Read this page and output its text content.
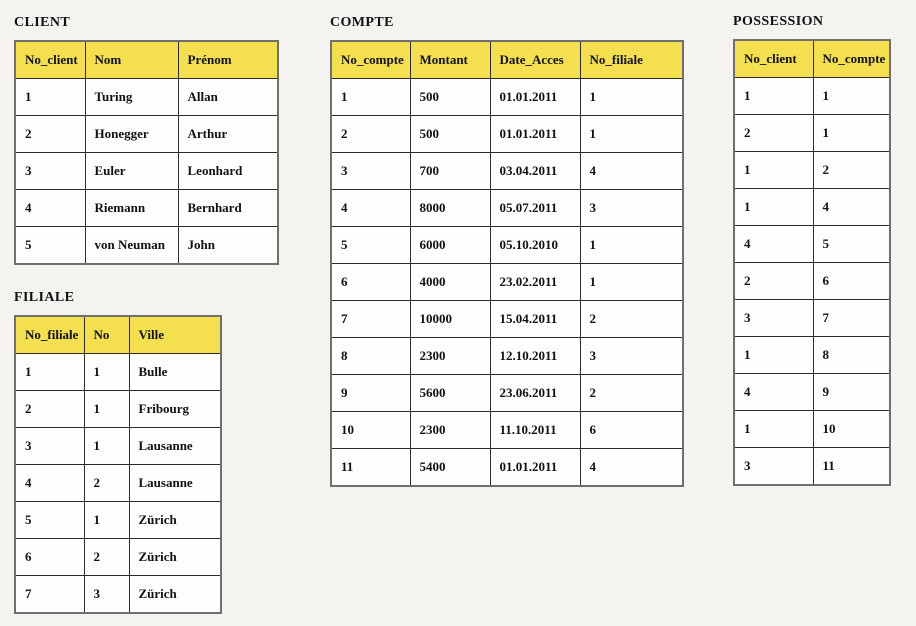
CLIENT
No_client	Nom	Prénom
1	Turing	Allan
2	Honegger	Arthur
3	Euler	Leonhard
4	Riemann	Bernhard
5	von Neuman	John
COMPTE
No_compte	Montant	Date_Acces	No_filiale
1	500	01.01.2011	1
2	500	01.01.2011	1
3	700	03.04.2011	4
4	8000	05.07.2011	3
5	6000	05.10.2010	1
6	4000	23.02.2011	1
7	10000	15.04.2011	2
8	2300	12.10.2011	3
9	5600	23.06.2011	2
10	2300	11.10.2011	6
11	5400	01.01.2011	4
POSSESSION
No_client	No_compte
1	1
2	1
1	2
1	4
4	5
2	6
3	7
1	8
4	9
1	10
3	11
FILIALE
No_filiale	No	Ville
1	1	Bulle
2	1	Fribourg
3	1	Lausanne
4	2	Lausanne
5	1	Zürich
6	2	Zürich
7	3	Zürich
